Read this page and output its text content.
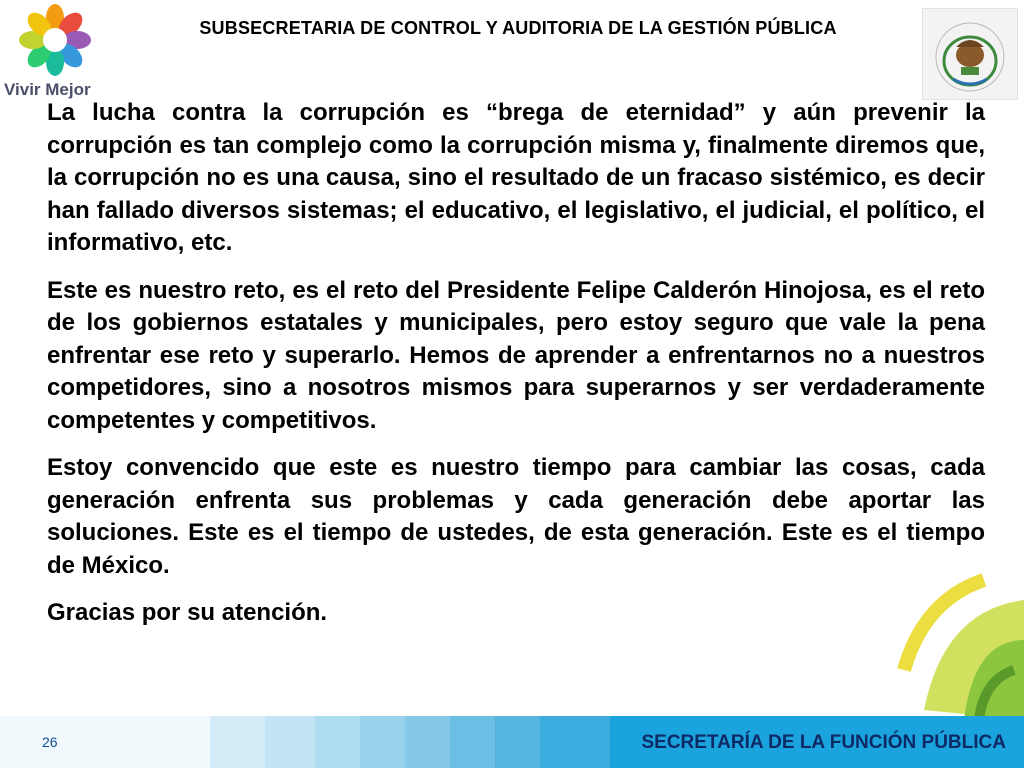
Vivir Mejor
SUBSECRETARIA DE CONTROL Y AUDITORIA DE LA GESTIÓN PÚBLICA

La lucha contra la corrupción es “brega de eternidad” y aún prevenir la corrupción es tan complejo como la corrupción misma y, finalmente diremos que, la corrupción no es una causa, sino el resultado de un fracaso sistémico, es decir han fallado diversos sistemas; el educativo, el legislativo, el judicial, el político, el informativo, etc.

Este es nuestro reto, es el reto del Presidente Felipe Calderón Hinojosa, es el reto de los gobiernos estatales y municipales, pero estoy seguro que vale la pena enfrentar ese reto y superarlo. Hemos de aprender a enfrentarnos no a nuestros competidores, sino a nosotros mismos para superarnos y ser verdaderamente competentes y competitivos.

Estoy convencido que este es nuestro tiempo para cambiar las cosas, cada generación enfrenta sus problemas y cada generación debe aportar las soluciones. Este es el tiempo de ustedes, de esta generación. Este es el tiempo de México.

Gracias por su atención.

26	SECRETARÍA DE LA FUNCIÓN PÚBLICA
